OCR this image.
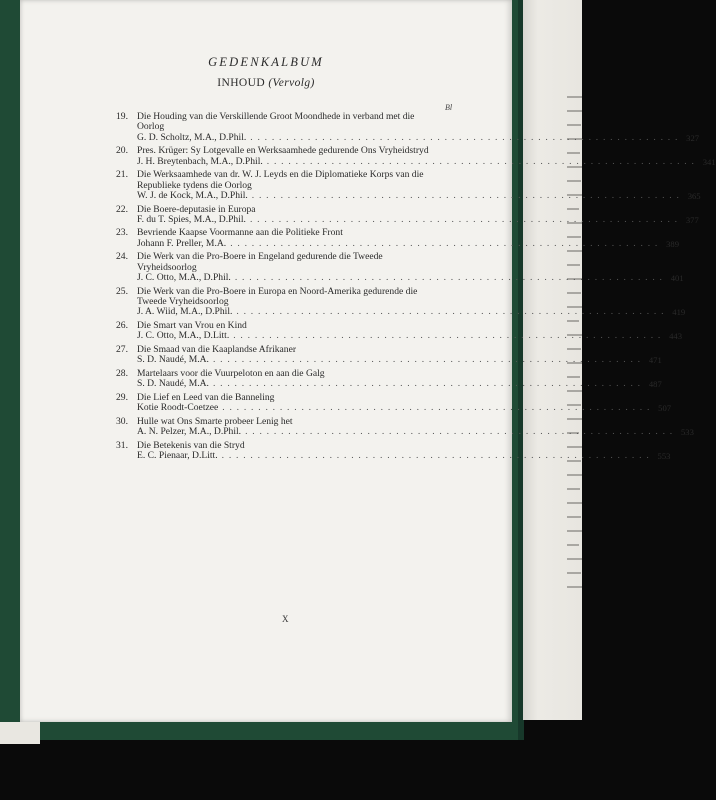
GEDENKALBUM

INHOUD (Vervolg)
Bl
19. Die Houding van die Verskillende Groot Moondhede in verband met die Oorlog
G. D. Scholtz, M.A., D.Phil. ............................................................ 327
20. Pres. Krüger: Sy Lotgevalle en Werksaamhede gedurende Ons Vryheidstryd
J. H. Breytenbach, M.A., D.Phil. ............................................................ 341
21. Die Werksaamhede van dr. W. J. Leyds en die Diplomatieke Korps van die Republieke tydens die Oorlog
W. J. de Kock, M.A., D.Phil. ............................................................ 365
22. Die Boere-deputasie in Europa
F. du T. Spies, M.A., D.Phil. ............................................................ 377
23. Bevriende Kaapse Voormanne aan die Politieke Front
Johann F. Preller, M.A. ............................................................ 389
24. Die Werk van die Pro-Boere in Engeland gedurende die Tweede Vryheidsoorlog
J. C. Otto, M.A., D.Phil. ............................................................ 401
25. Die Werk van die Pro-Boere in Europa en Noord-Amerika gedurende die Tweede Vryheidsoorlog
J. A. Wiid, M.A., D.Phil. ............................................................ 419
26. Die Smart van Vrou en Kind
J. C. Otto, M.A., D.Litt. ............................................................ 443
27. Die Smaad van die Kaaplandse Afrikaner
S. D. Naudé, M.A. ............................................................ 471
28. Martelaars voor die Vuurpeloton en aan die Galg
S. D. Naudé, M.A. ............................................................ 487
29. Die Lief en Leed van die Banneling
Kotie Roodt-Coetzee ............................................................ 507
30. Hulle wat Ons Smarte probeer Lenig het
A. N. Pelzer, M.A., D.Phil. ............................................................ 533
31. Die Betekenis van die Stryd
E. C. Pienaar, D.Litt. ............................................................ 553
X
